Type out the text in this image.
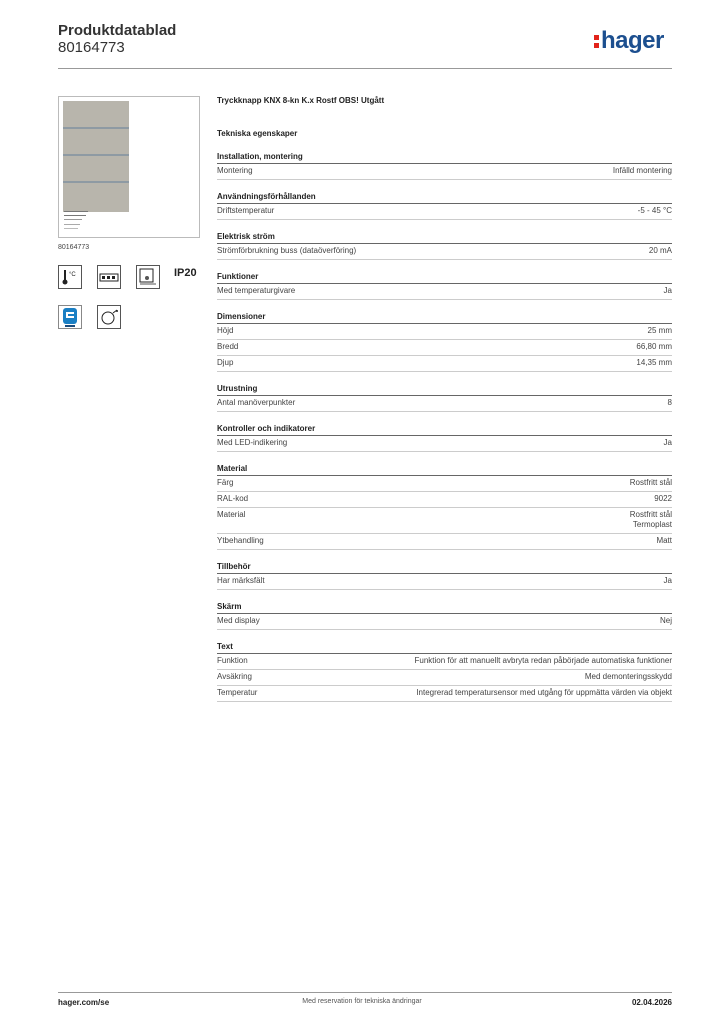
Produktdatablad
80164773	hager
80164773
°C	IP20
Tryckknapp KNX 8-kn K.x Rostf OBS! Utgått
Tekniska egenskaper
Installation, montering
Montering	Infälld montering
Användningsförhållanden
Driftstemperatur	-5 - 45 °C
Elektrisk ström
Strömförbrukning buss (dataöverföring)	20 mA
Funktioner
Med temperaturgivare	Ja
Dimensioner
Höjd	25 mm
Bredd	66,80 mm
Djup	14,35 mm
Utrustning
Antal manöverpunkter	8
Kontroller och indikatorer
Med LED-indikering	Ja
Material
Färg	Rostfritt stål
RAL-kod	9022
Material	Rostfritt stål
Termoplast
Ytbehandling	Matt
Tillbehör
Har märksfält	Ja
Skärm
Med display	Nej
Text
Funktion	Funktion för att manuellt avbryta redan påbörjade automatiska funktioner
Avsäkring	Med demonteringsskydd
Temperatur	Integrerad temperatursensor med utgång för uppmätta värden via objekt
hager.com/se	Med reservation för tekniska ändringar	02.04.2026
